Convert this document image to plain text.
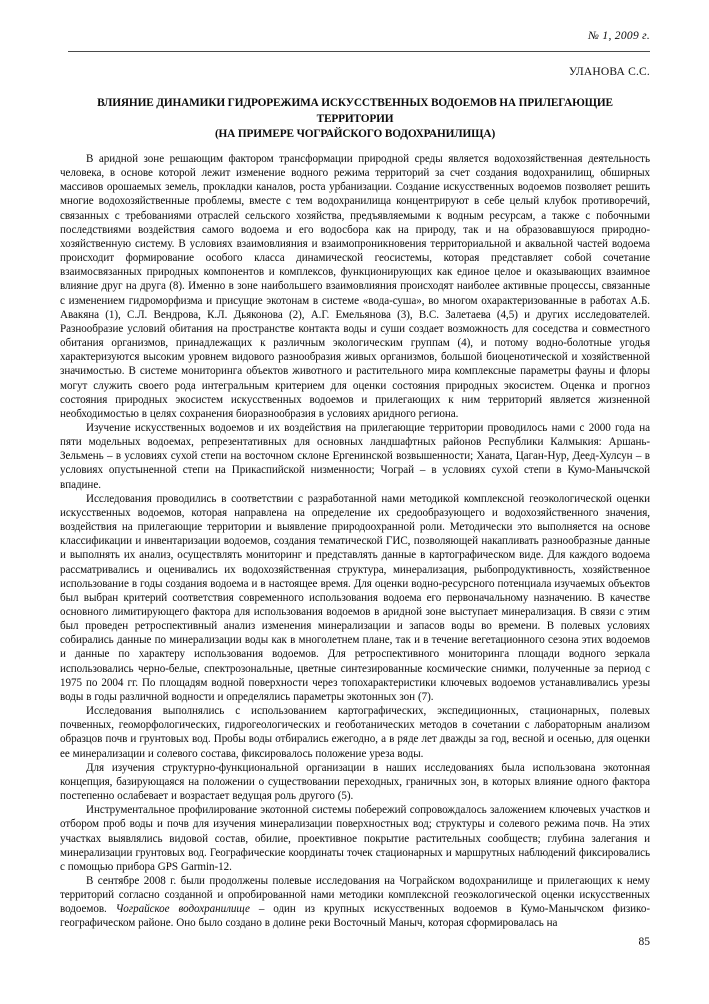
№ 1, 2009 г.
УЛАНОВА С.С.
ВЛИЯНИЕ ДИНАМИКИ ГИДРОРЕЖИМА ИСКУССТВЕННЫХ ВОДОЕМОВ НА ПРИЛЕГАЮЩИЕ ТЕРРИТОРИИ
(НА ПРИМЕРЕ ЧОГРАЙСКОГО ВОДОХРАНИЛИЩА)

В аридной зоне решающим фактором трансформации природной среды является водохозяйственная деятельность человека, в основе которой лежит изменение водного режима территорий за счет создания водохранилищ, обширных массивов орошаемых земель, прокладки каналов, роста урбанизации. Создание искусственных водоемов позволяет решить многие водохозяйственные проблемы, вместе с тем водохранилища концентрируют в себе целый клубок противоречий, связанных с требованиями отраслей сельского хозяйства, предъявляемыми к водным ресурсам, а также с побочными последствиями воздействия самого водоема и его водосбора как на природу, так и на образовавшуюся природно-хозяйственную систему. В условиях взаимовлияния и взаимопроникновения территориальной и аквальной частей водоема происходит формирование особого класса динамической геосистемы, которая представляет собой сочетание взаимосвязанных природных компонентов и комплексов, функционирующих как единое целое и оказывающих взаимное влияние друг на друга (8). Именно в зоне наибольшего взаимовлияния происходят наиболее активные процессы, связанные с изменением гидроморфизма и присущие экотонам в системе «вода-суша», во многом охарактеризованные в работах А.Б. Авакяна (1), С.Л. Вендрова, К.Л. Дьяконова (2), А.Г. Емельянова (3), В.С. Залетаева (4,5) и других исследователей. Разнообразие условий обитания на пространстве контакта воды и суши создает возможность для соседства и совместного обитания организмов, принадлежащих к различным экологическим группам (4), и потому водно-болотные угодья характеризуются высоким уровнем видового разнообразия живых организмов, большой биоценотической и хозяйственной значимостью. В системе мониторинга объектов животного и растительного мира комплексные параметры фауны и флоры могут служить своего рода интегральным критерием для оценки состояния природных экосистем. Оценка и прогноз состояния природных экосистем искусственных водоемов и прилегающих к ним территорий является жизненной необходимостью в целях сохранения биоразнообразия в условиях аридного региона.

Изучение искусственных водоемов и их воздействия на прилегающие территории проводилось нами с 2000 года на пяти модельных водоемах, репрезентативных для основных ландшафтных районов Республики Калмыкия: Аршань-Зельмень – в условиях сухой степи на восточном склоне Ергенинской возвышенности; Ханата, Цаган-Нур, Деед-Хулсун – в условиях опустыненной степи на Прикаспийской низменности; Чограй – в условиях сухой степи в Кумо-Манычской впадине.

Исследования проводились в соответствии с разработанной нами методикой комплексной геоэкологической оценки искусственных водоемов, которая направлена на определение их средообразующего и водохозяйственного значения, воздействия на прилегающие территории и выявление природоохранной роли. Методически это выполняется на основе классификации и инвентаризации водоемов, создания тематической ГИС, позволяющей накапливать разнообразные данные и выполнять их анализ, осуществлять мониторинг и представлять данные в картографическом виде. Для каждого водоема рассматривались и оценивались их водохозяйственная структура, минерализация, рыбопродуктивность, хозяйственное использование в годы создания водоема и в настоящее время. Для оценки водно-ресурсного потенциала изучаемых объектов был выбран критерий соответствия современного использования водоема его первоначальному назначению. В качестве основного лимитирующего фактора для использования водоемов в аридной зоне выступает минерализация. В связи с этим был проведен ретроспективный анализ изменения минерализации и запасов воды во времени. В полевых условиях собирались данные по минерализации воды как в многолетнем плане, так и в течение вегетационного сезона этих водоемов и данные по характеру использования водоемов. Для ретроспективного мониторинга площади водного зеркала использовались черно-белые, спектрозональные, цветные синтезированные космические снимки, полученные за период с 1975 по 2004 гг. По площадям водной поверхности через топохарактеристики ключевых водоемов устанавливались урезы воды в годы различной водности и определялись параметры экотонных зон (7).

Исследования выполнялись с использованием картографических, экспедиционных, стационарных, полевых почвенных, геоморфологических, гидрогеологических и геоботанических методов в сочетании с лабораторным анализом образцов почв и грунтовых вод. Пробы воды отбирались ежегодно, а в ряде лет дважды за год, весной и осенью, для оценки ее минерализации и солевого состава, фиксировалось положение уреза воды.

Для изучения структурно-функциональной организации в наших исследованиях была использована экотонная концепция, базирующаяся на положении о существовании переходных, граничных зон, в которых влияние одного фактора постепенно ослабевает и возрастает ведущая роль другого (5).

Инструментальное профилирование экотонной системы побережий сопровождалось заложением ключевых участков и отбором проб воды и почв для изучения минерализации поверхностных вод; структуры и солевого режима почв. На этих участках выявлялись видовой состав, обилие, проективное покрытие растительных сообществ; глубина залегания и минерализации грунтовых вод. Географические координаты точек стационарных и маршрутных наблюдений фиксировались с помощью прибора GPS Garmin-12.

В сентябре 2008 г. были продолжены полевые исследования на Чограйском водохранилище и прилегающих к нему территорий согласно созданной и опробированной нами методики комплексной геоэкологической оценки искусственных водоемов. Чограйское водохранилище – один из крупных искусственных водоемов в Кумо-Манычском физико-географическом районе. Оно было создано в долине реки Восточный Маныч, которая сформировалась на

85
